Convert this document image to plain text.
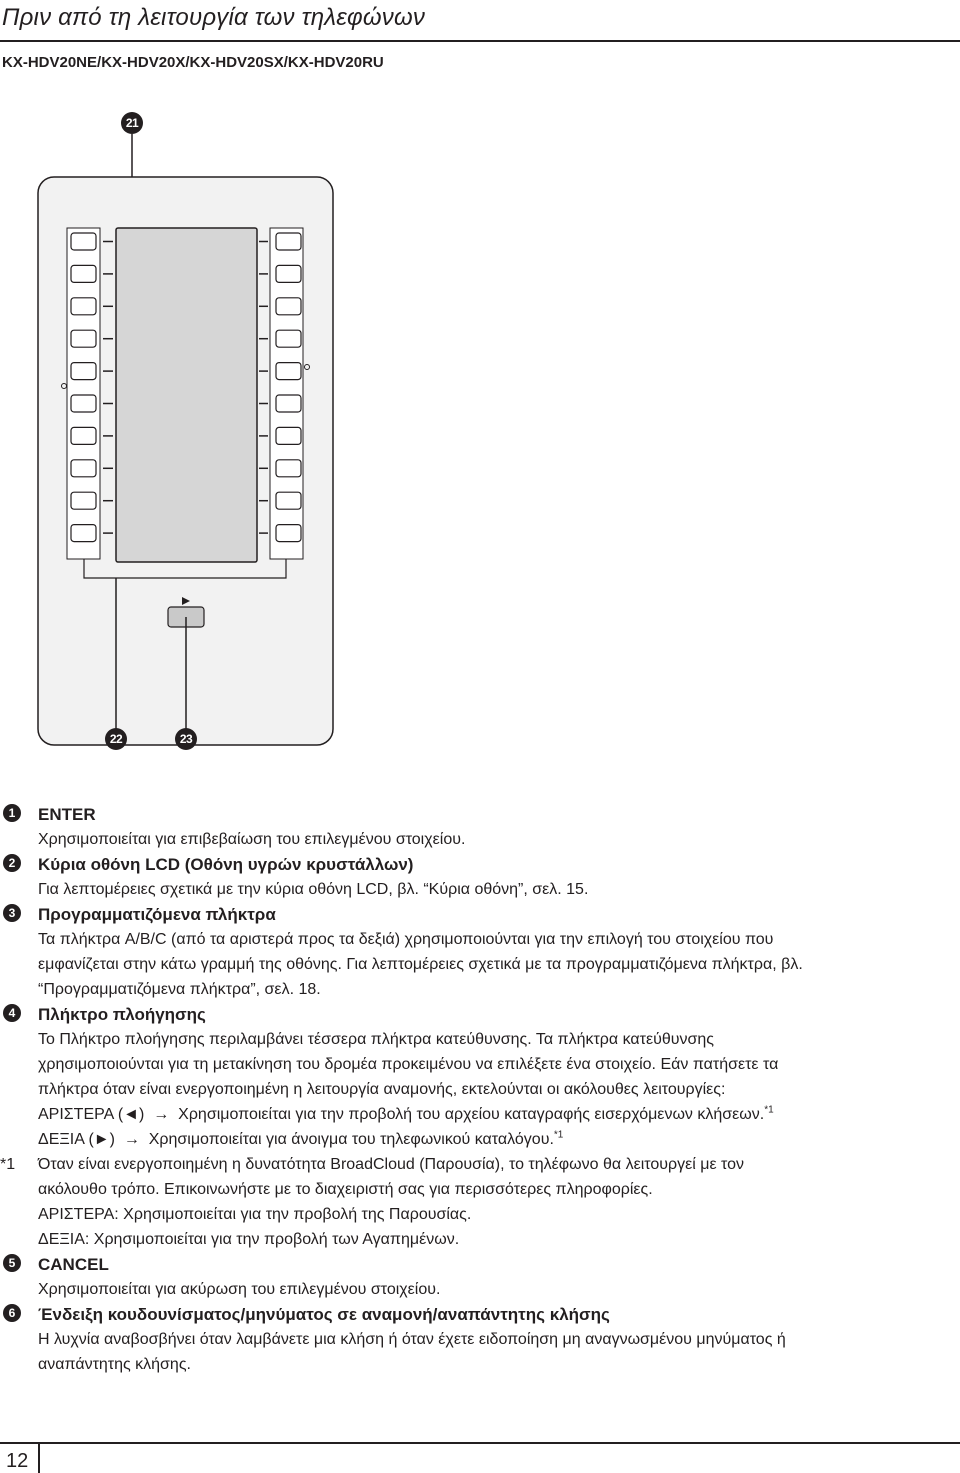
Πριν από τη λειτουργία των τηλεφώνων
KX-HDV20NE/KX-HDV20X/KX-HDV20SX/KX-HDV20RU
21
22	23
1	ENTER
Χρησιμοποιείται για επιβεβαίωση του επιλεγμένου στοιχείου.
2	Κύρια οθόνη LCD (Οθόνη υγρών κρυστάλλων)
Για λεπτομέρειες σχετικά με την κύρια οθόνη LCD, βλ. “Κύρια οθόνη”, σελ. 15.
3	Προγραμματιζόμενα πλήκτρα
Τα πλήκτρα A/B/C (από τα αριστερά προς τα δεξιά) χρησιμοποιούνται για την επιλογή του στοιχείου που
εμφανίζεται στην κάτω γραμμή της οθόνης. Για λεπτομέρειες σχετικά με τα προγραμματιζόμενα πλήκτρα, βλ.
“Προγραμματιζόμενα πλήκτρα”, σελ. 18.
4	Πλήκτρο πλοήγησης
Το Πλήκτρο πλοήγησης περιλαμβάνει τέσσερα πλήκτρα κατεύθυνσης. Τα πλήκτρα κατεύθυνσης
χρησιμοποιούνται για τη μετακίνηση του δρομέα προκειμένου να επιλέξετε ένα στοιχείο. Εάν πατήσετε τα
πλήκτρα όταν είναι ενεργοποιημένη η λειτουργία αναμονής, εκτελούνται οι ακόλουθες λειτουργίες:
ΑΡΙΣΤΕΡΑ (◄)  →  Χρησιμοποιείται για την προβολή του αρχείου καταγραφής εισερχόμενων κλήσεων.$^{*1}$
ΔΕΞΙΑ (►)  →  Χρησιμοποιείται για άνοιγμα του τηλεφωνικού καταλόγου.$^{*1}$
*1 Όταν είναι ενεργοποιημένη η δυνατότητα BroadCloud (Παρουσία), το τηλέφωνο θα λειτουργεί με τον
ακόλουθο τρόπο. Επικοινωνήστε με το διαχειριστή σας για περισσότερες πληροφορίες.
ΑΡΙΣΤΕΡΑ: Χρησιμοποιείται για την προβολή της Παρουσίας.
ΔΕΞΙΑ: Χρησιμοποιείται για την προβολή των Αγαπημένων.
5	CANCEL
Χρησιμοποιείται για ακύρωση του επιλεγμένου στοιχείου.
6	Ένδειξη κουδουνίσματος/μηνύματος σε αναμονή/αναπάντητης κλήσης
Η λυχνία αναβοσβήνει όταν λαμβάνετε μια κλήση ή όταν έχετε ειδοποίηση μη αναγνωσμένου μηνύματος ή
αναπάντητης κλήσης.
12
